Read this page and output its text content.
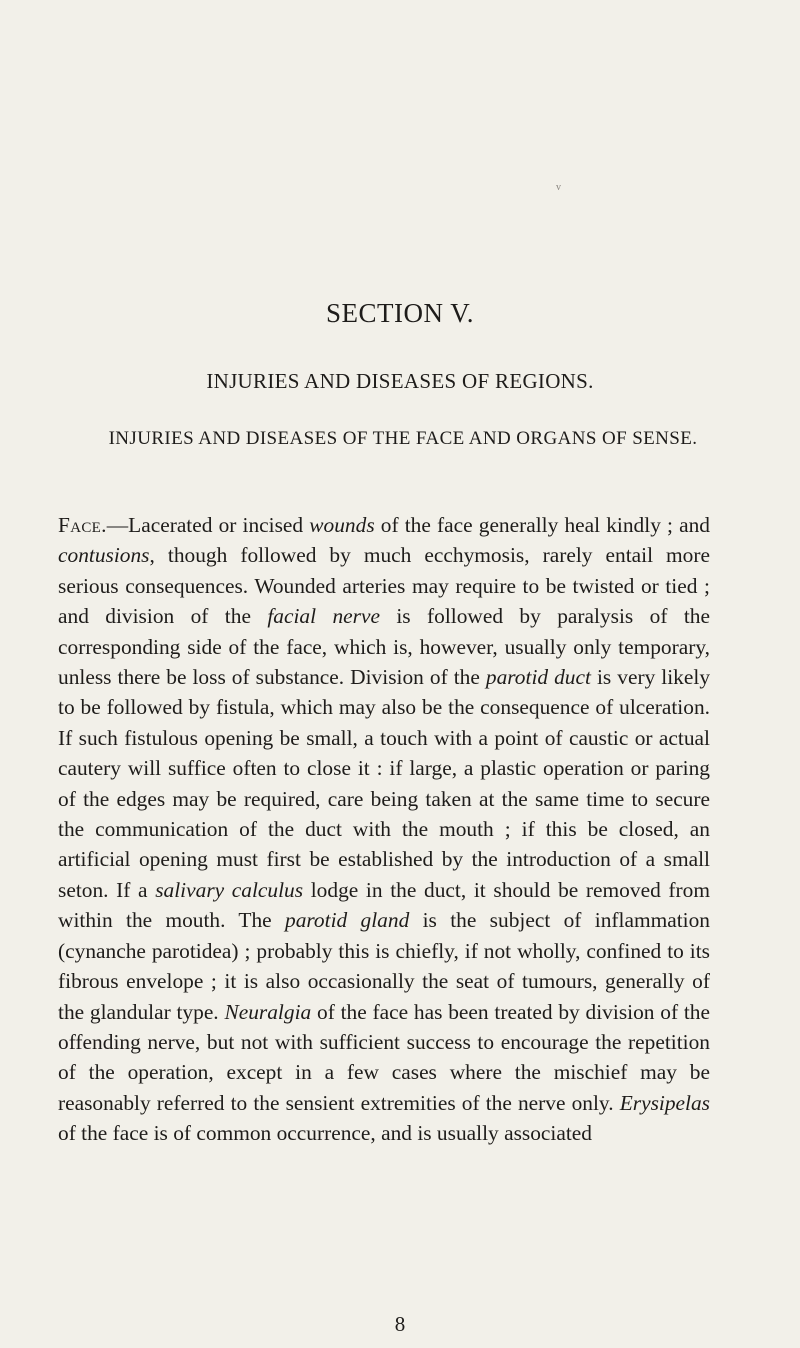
v
SECTION V.
INJURIES AND DISEASES OF REGIONS.
INJURIES AND DISEASES OF THE FACE AND ORGANS OF SENSE.

Face.—Lacerated or incised wounds of the face generally heal kindly ; and contusions, though followed by much ecchymosis, rarely entail more serious consequences. Wounded arteries may require to be twisted or tied ; and division of the facial nerve is followed by paralysis of the corresponding side of the face, which is, however, usually only temporary, unless there be loss of substance. Division of the parotid duct is very likely to be followed by fistula, which may also be the consequence of ulceration. If such fistulous opening be small, a touch with a point of caustic or actual cautery will suffice often to close it : if large, a plastic operation or paring of the edges may be required, care being taken at the same time to secure the communication of the duct with the mouth ; if this be closed, an artificial opening must first be established by the introduction of a small seton. If a salivary calculus lodge in the duct, it should be removed from within the mouth. The parotid gland is the subject of inflammation (cynanche parotidea) ; probably this is chiefly, if not wholly, confined to its fibrous envelope ; it is also occasionally the seat of tumours, generally of the glandular type. Neuralgia of the face has been treated by division of the offending nerve, but not with sufficient success to encourage the repetition of the operation, except in a few cases where the mischief may be reasonably referred to the sensient extremities of the nerve only. Erysipelas of the face is of common occurrence, and is usually associated

8
